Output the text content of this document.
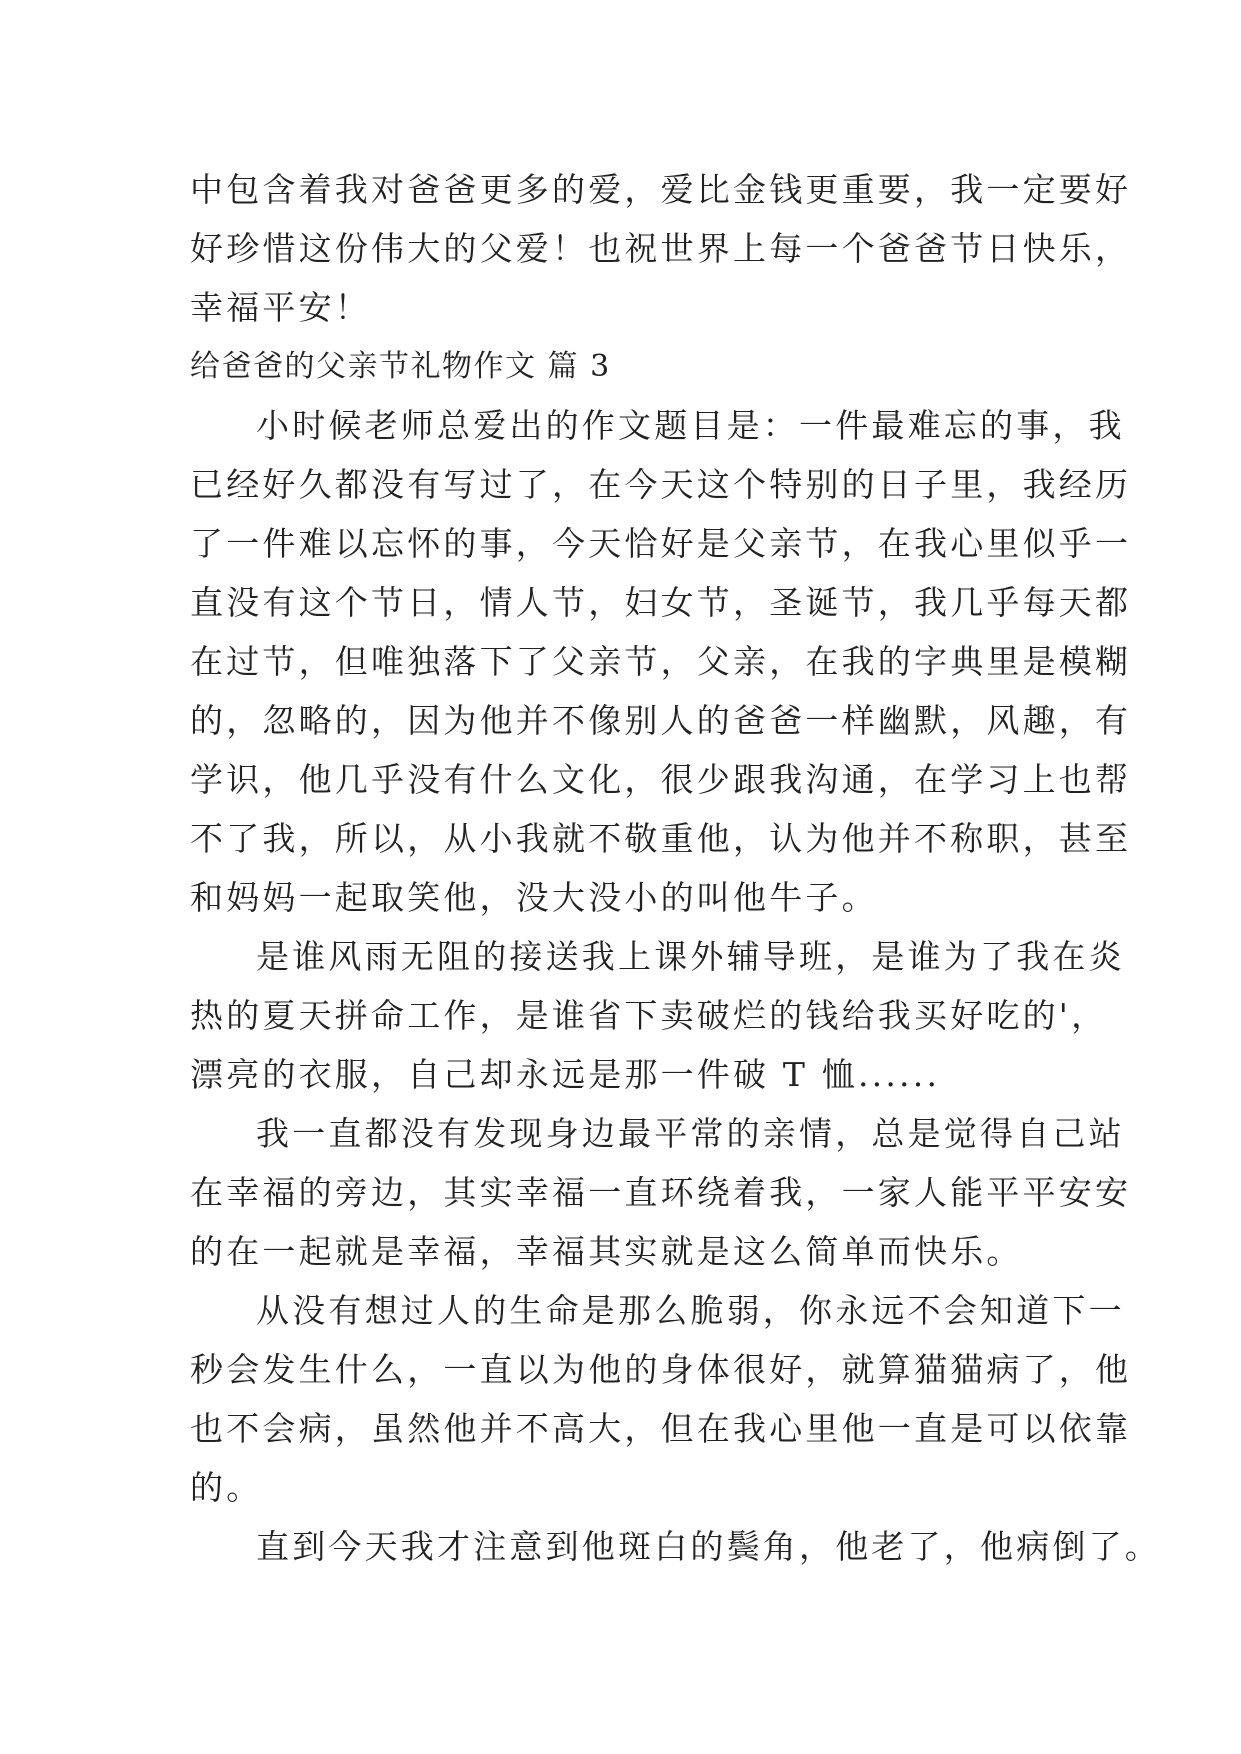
中包含着我对爸爸更多的爱，爱比金钱更重要，我一定要好
好珍惜这份伟大的父爱！也祝世界上每一个爸爸节日快乐，
幸福平安！
给爸爸的父亲节礼物作文 篇 3
小时候老师总爱出的作文题目是：一件最难忘的事，我
已经好久都没有写过了，在今天这个特别的日子里，我经历
了一件难以忘怀的事，今天恰好是父亲节，在我心里似乎一
直没有这个节日，情人节，妇女节，圣诞节，我几乎每天都
在过节，但唯独落下了父亲节，父亲，在我的字典里是模糊
的，忽略的，因为他并不像别人的爸爸一样幽默，风趣，有
学识，他几乎没有什么文化，很少跟我沟通，在学习上也帮
不了我，所以，从小我就不敬重他，认为他并不称职，甚至
和妈妈一起取笑他，没大没小的叫他牛子。
是谁风雨无阻的接送我上课外辅导班，是谁为了我在炎
热的夏天拼命工作，是谁省下卖破烂的钱给我买好吃的'，
漂亮的衣服，自己却永远是那一件破 T 恤......
我一直都没有发现身边最平常的亲情，总是觉得自己站
在幸福的旁边，其实幸福一直环绕着我，一家人能平平安安
的在一起就是幸福，幸福其实就是这么简单而快乐。
从没有想过人的生命是那么脆弱，你永远不会知道下一
秒会发生什么，一直以为他的身体很好，就算猫猫病了，他
也不会病，虽然他并不高大，但在我心里他一直是可以依靠
的。
直到今天我才注意到他斑白的鬓角，他老了，他病倒了。
